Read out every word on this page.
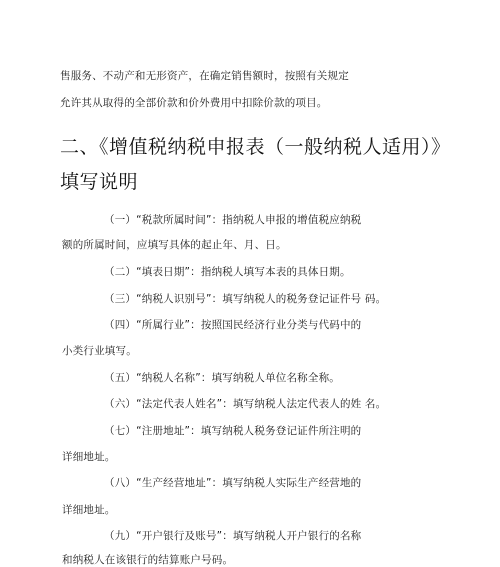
售服务、不动产和无形资产，在确定销售额时，按照有关规定
允许其从取得的全部价款和价外费用中扣除价款的项目。
二、《增值税纳税申报表（一般纳税人适用）》
填写说明
（一）“税款所属时间”：指纳税人申报的增值税应纳税
额的所属时间，应填写具体的起止年、月、日。
（二）“填表日期”：指纳税人填写本表的具体日期。
（三）“纳税人识别号”：填写纳税人的税务登记证件号 码。
（四）“所属行业”：按照国民经济行业分类与代码中的
小类行业填写。
（五）“纳税人名称”：填写纳税人单位名称全称。
（六）“法定代表人姓名”：填写纳税人法定代表人的姓 名。
（七）“注册地址”：填写纳税人税务登记证件所注明的
详细地址。
（八）“生产经营地址”：填写纳税人实际生产经营地的
详细地址。
（九）“开户银行及账号”：填写纳税人开户银行的名称
和纳税人在该银行的结算账户号码。
